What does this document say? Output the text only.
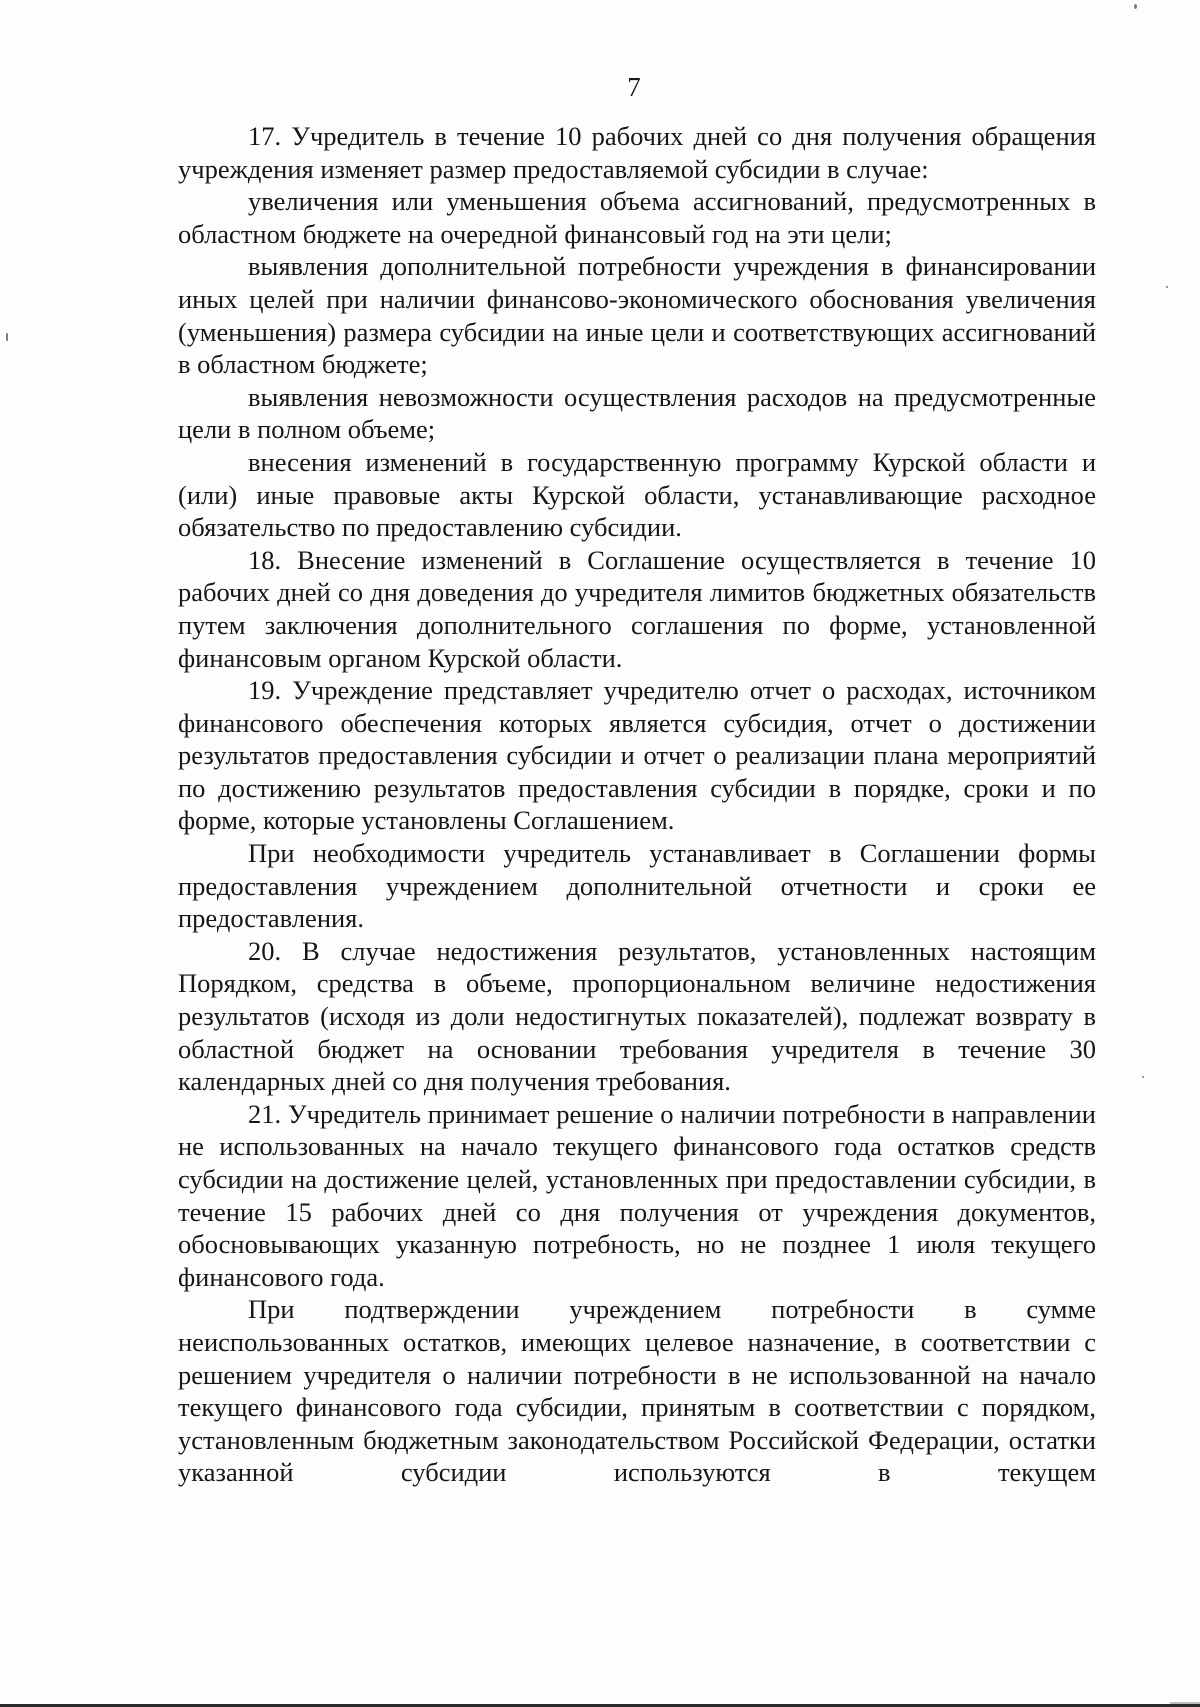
7

17. Учредитель в течение 10 рабочих дней со дня получения обращения учреждения изменяет размер предоставляемой субсидии в случае:

увеличения или уменьшения объема ассигнований, предусмотренных в областном бюджете на очередной финансовый год на эти цели;

выявления дополнительной потребности учреждения в финансировании иных целей при наличии финансово-экономического обоснования увеличения (уменьшения) размера субсидии на иные цели и соответствующих ассигнований в областном бюджете;

выявления невозможности осуществления расходов на предусмотренные цели в полном объеме;

внесения изменений в государственную программу Курской области и (или) иные правовые акты Курской области, устанавливающие расходное обязательство по предоставлению субсидии.

18. Внесение изменений в Соглашение осуществляется в течение 10 рабочих дней со дня доведения до учредителя лимитов бюджетных обязательств путем заключения дополнительного соглашения по форме, установленной финансовым органом Курской области.

19. Учреждение представляет учредителю отчет о расходах, источником финансового обеспечения которых является субсидия, отчет о достижении результатов предоставления субсидии и отчет о реализации плана мероприятий по достижению результатов предоставления субсидии в порядке, сроки и по форме, которые установлены Соглашением.

При необходимости учредитель устанавливает в Соглашении формы предоставления учреждением дополнительной отчетности и сроки ее предоставления.

20. В случае недостижения результатов, установленных настоящим Порядком, средства в объеме, пропорциональном величине недостижения результатов (исходя из доли недостигнутых показателей), подлежат возврату в областной бюджет на основании требования учредителя в течение 30 календарных дней со дня получения требования.

21. Учредитель принимает решение о наличии потребности в направлении не использованных на начало текущего финансового года остатков средств субсидии на достижение целей, установленных при предоставлении субсидии, в течение 15 рабочих дней со дня получения от учреждения документов, обосновывающих указанную потребность, но не позднее 1 июля текущего финансового года.

При подтверждении учреждением потребности в сумме неиспользованных остатков, имеющих целевое назначение, в соответствии с решением учредителя о наличии потребности в не использованной на начало текущего финансового года субсидии, принятым в соответствии с порядком, установленным бюджетным законодательством Российской Федерации, остатки указанной субсидии используются в текущем
